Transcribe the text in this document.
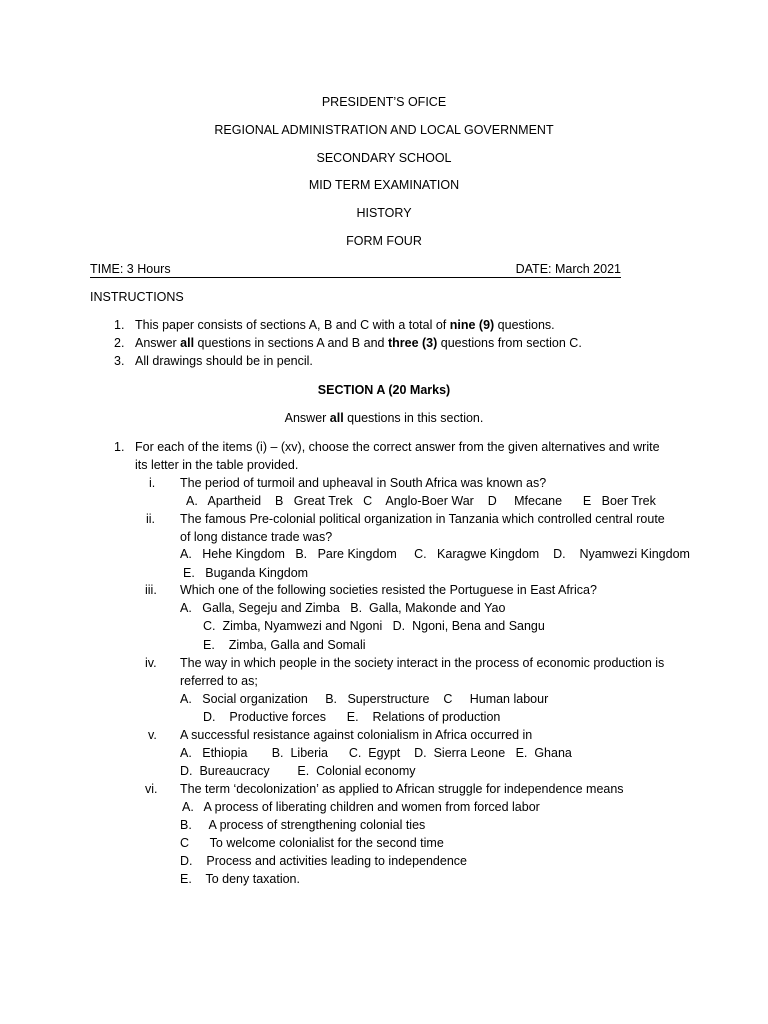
PRESIDENT’S OFICE
REGIONAL ADMINISTRATION AND LOCAL GOVERNMENT
SECONDARY SCHOOL
MID TERM EXAMINATION
HISTORY
FORM FOUR
TIME: 3 Hours	DATE: March 2021
INSTRUCTIONS
1. This paper consists of sections A, B and C with a total of nine (9) questions.
2. Answer all questions in sections A and B and three (3) questions from section C.
3. All drawings should be in pencil.
SECTION A (20 Marks)
Answer all questions in this section.
1. For each of the items (i) – (xv), choose the correct answer from the given alternatives and write
its letter in the table provided.
i. The period of turmoil and upheaval in South Africa was known as?
A.   Apartheid    B   Great Trek   C    Anglo-Boer War    D     Mfecane      E   Boer Trek
ii. The famous Pre-colonial political organization in Tanzania which controlled central route
of long distance trade was?
A.   Hehe Kingdom   B.   Pare Kingdom     C.   Karagwe Kingdom    D.    Nyamwezi Kingdom
E.   Buganda Kingdom
iii. Which one of the following societies resisted the Portuguese in East Africa?
A.   Galla, Segeju and Zimba   B.  Galla, Makonde and Yao
C.  Zimba, Nyamwezi and Ngoni   D.  Ngoni, Bena and Sangu
E.    Zimba, Galla and Somali
iv. The way in which people in the society interact in the process of economic production is
referred to as;
A.   Social organization     B.   Superstructure    C     Human labour
D.    Productive forces      E.    Relations of production
v. A successful resistance against colonialism in Africa occurred in
A.   Ethiopia       B.  Liberia      C.  Egypt    D.  Sierra Leone   E.  Ghana
D.  Bureaucracy        E.  Colonial economy
vi. The term ‘decolonization’ as applied to African struggle for independence means
A.   A process of liberating children and women from forced labor
B.     A process of strengthening colonial ties
C      To welcome colonialist for the second time
D.    Process and activities leading to independence
E.    To deny taxation.
